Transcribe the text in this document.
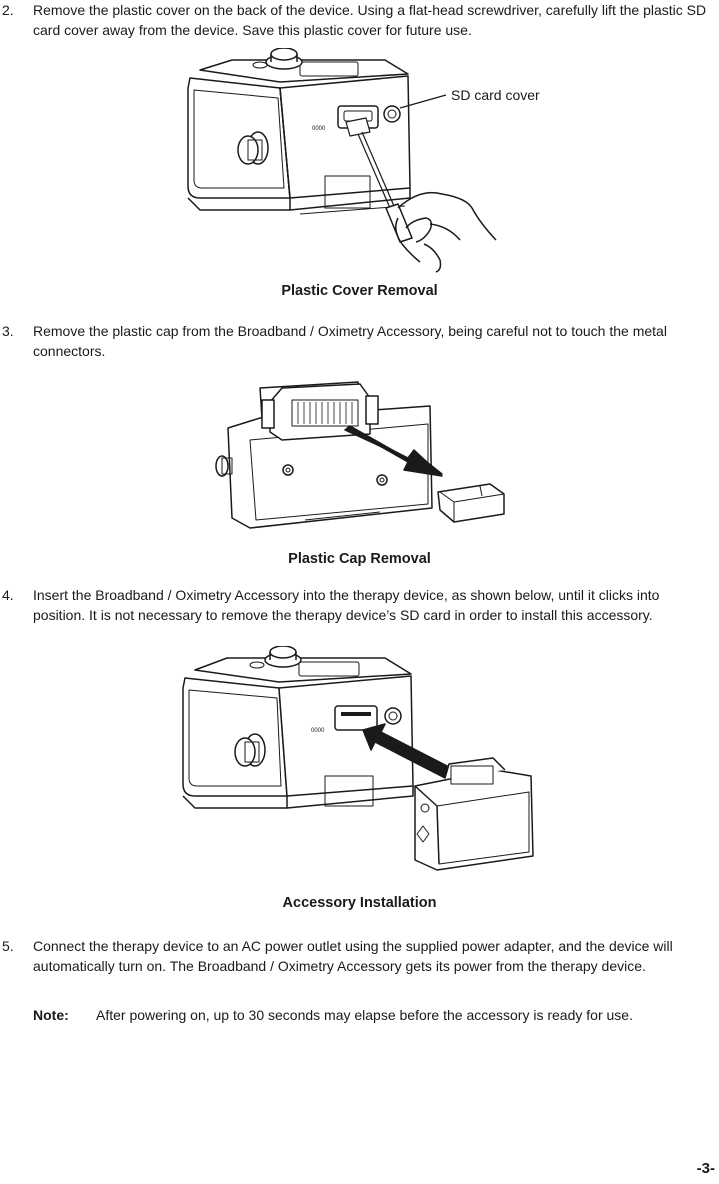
2. Remove the plastic cover on the back of the device. Using a flat-head screwdriver, carefully lift the plastic SD card cover away from the device. Save this plastic cover for future use.
0000
SD card cover
Plastic Cover Removal
3. Remove the plastic cap from the Broadband / Oximetry Accessory, being careful not to touch the metal connectors.
Plastic Cap Removal
4. Insert the Broadband / Oximetry Accessory into the therapy device, as shown below, until it clicks into position. It is not necessary to remove the therapy device’s SD card in order to install this accessory.
0000
Accessory Installation
5. Connect the therapy device to an AC power outlet using the supplied power adapter, and the device will automatically turn on. The Broadband / Oximetry Accessory gets its power from the therapy device.
Note: After powering on, up to 30 seconds may elapse before the accessory is ready for use.
-3-
